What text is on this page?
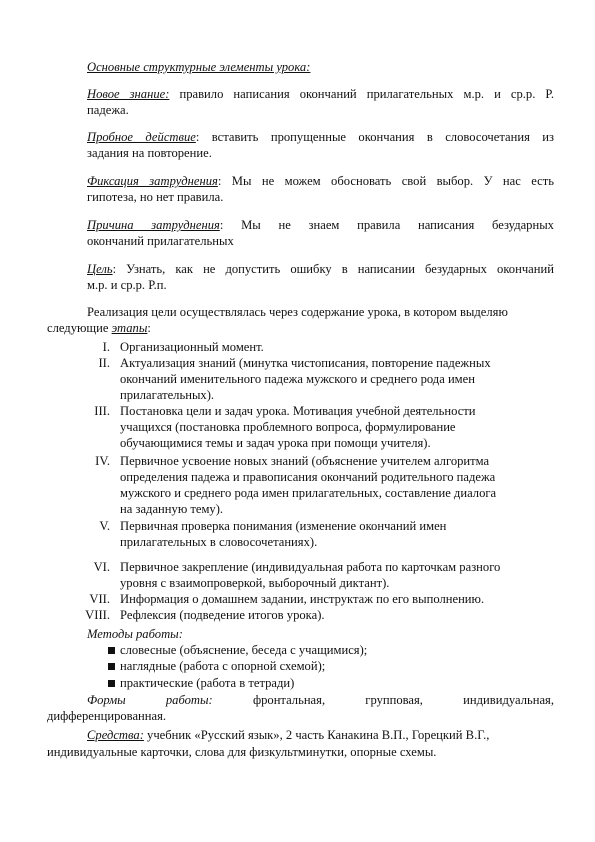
Основные структурные элементы урока:
Новое знание: правило написания окончаний прилагательных м.р. и ср.р. Р.
падежа.
Пробное действие: вставить пропущенные окончания в словосочетания из
задания на повторение.
Фиксация затруднения: Мы не можем обосновать свой выбор. У нас есть
гипотеза, но нет правила.
Причина затруднения: Мы не знаем правила написания безударных
окончаний прилагательных
Цель: Узнать, как не допустить ошибку в написании безударных окончаний
м.р. и ср.р. Р.п.
Реализация цели осуществлялась через содержание урока, в котором выделяю
следующие этапы:
I. Организационный момент.
II. Актуализация знаний (минутка чистописания, повторение падежных
окончаний именительного падежа мужского и среднего рода имен
прилагательных).
III. Постановка цели и задач урока. Мотивация учебной деятельности
учащихся (постановка проблемного вопроса, формулирование
обучающимися темы и задач урока при помощи учителя).
IV. Первичное усвоение новых знаний (объяснение учителем алгоритма
определения падежа и правописания окончаний родительного падежа
мужского и среднего рода имен прилагательных, составление диалога
на заданную тему).
V. Первичная проверка понимания (изменение окончаний имен
прилагательных в словосочетаниях).
VI. Первичное закрепление (индивидуальная работа по карточкам разного
уровня с взаимопроверкой, выборочный диктант).
VII. Информация о домашнем задании, инструктаж по его выполнению.
VIII. Рефлексия (подведение итогов урока).
Методы работы:
словесные (объяснение, беседа с учащимися);
наглядные (работа с опорной схемой);
практические (работа в тетради)
Формы работы:	фронтальная, групповая, индивидуальная,
дифференцированная.
Средства: учебник «Русский язык», 2 часть Канакина В.П., Горецкий В.Г.,
индивидуальные карточки, слова для физкультминутки, опорные схемы.
